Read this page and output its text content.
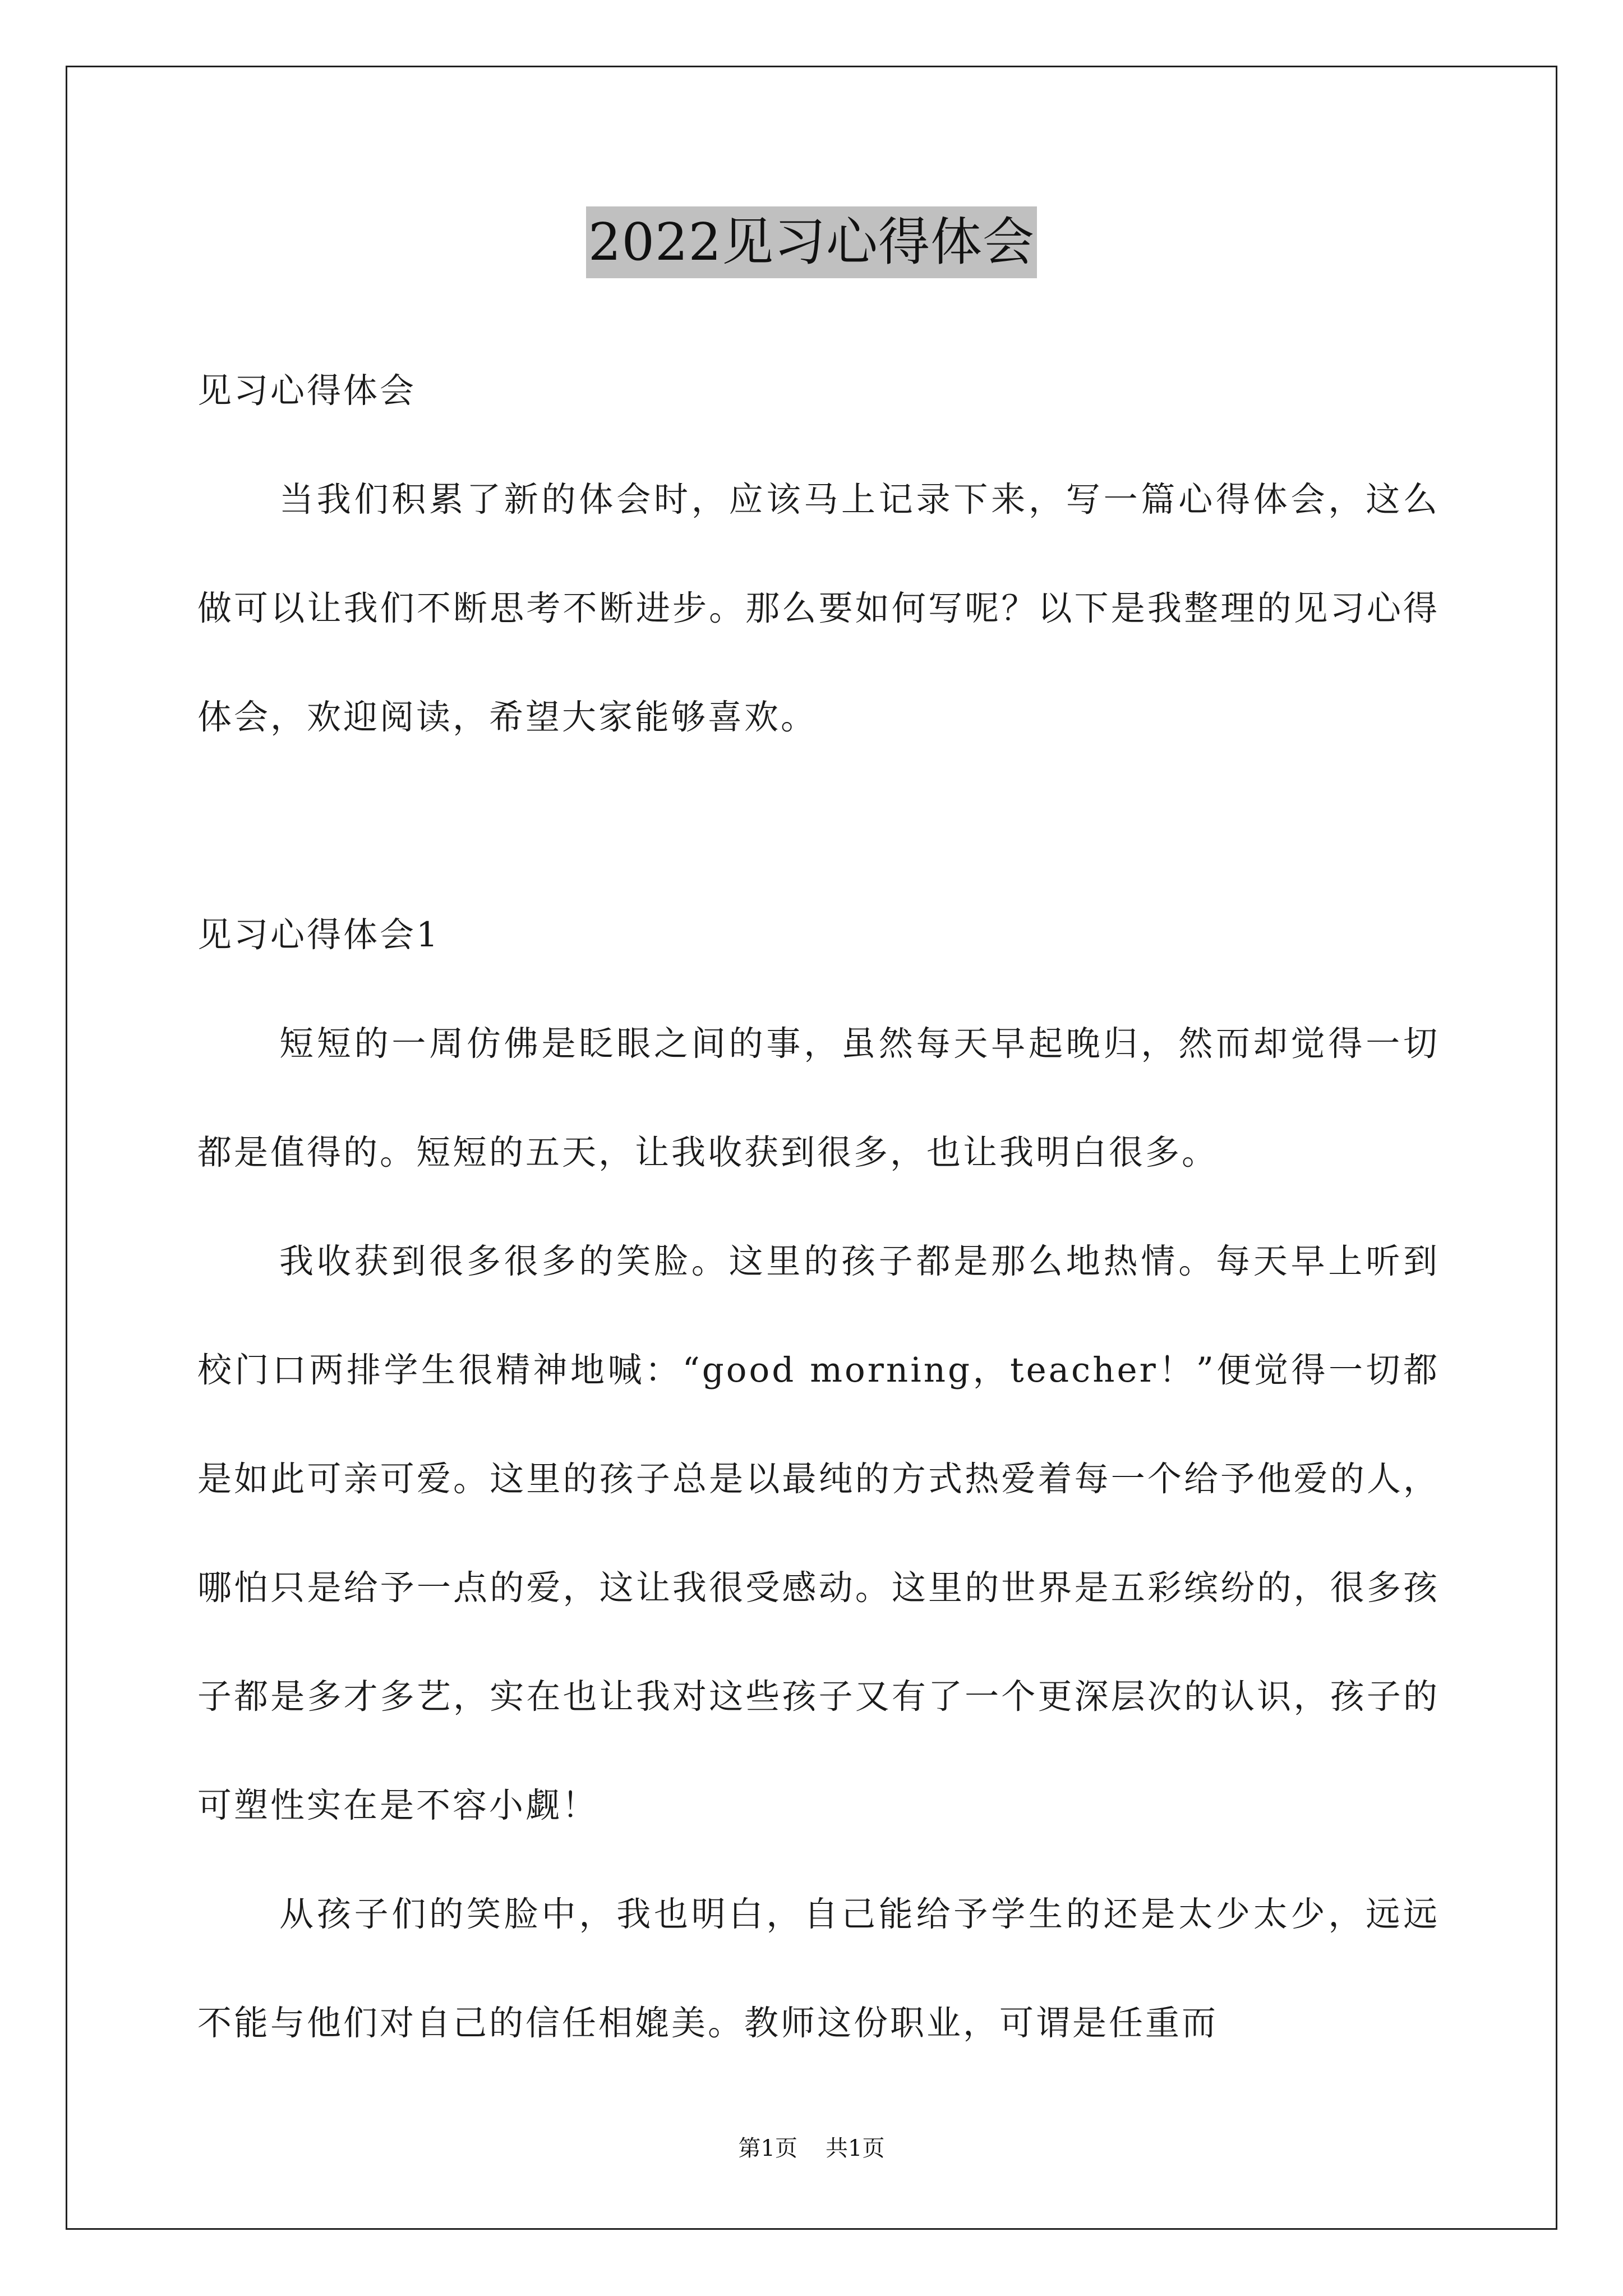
2022见习心得体会

见习心得体会

当我们积累了新的体会时，应该马上记录下来，写一篇心得体会，这么做可以让我们不断思考不断进步。那么要如何写呢？以下是我整理的见习心得体会，欢迎阅读，希望大家能够喜欢。

见习心得体会1

短短的一周仿佛是眨眼之间的事，虽然每天早起晚归，然而却觉得一切都是值得的。短短的五天，让我收获到很多，也让我明白很多。

我收获到很多很多的笑脸。这里的孩子都是那么地热情。每天早上听到校门口两排学生很精神地喊：“good morning，teacher！”便觉得一切都是如此可亲可爱。这里的孩子总是以最纯的方式热爱着每一个给予他爱的人，哪怕只是给予一点的爱，这让我很受感动。这里的世界是五彩缤纷的，很多孩子都是多才多艺，实在也让我对这些孩子又有了一个更深层次的认识，孩子的可塑性实在是不容小觑！

从孩子们的笑脸中，我也明白，自己能给予学生的还是太少太少，远远不能与他们对自己的信任相媲美。教师这份职业，可谓是任重而

第1页 共1页
